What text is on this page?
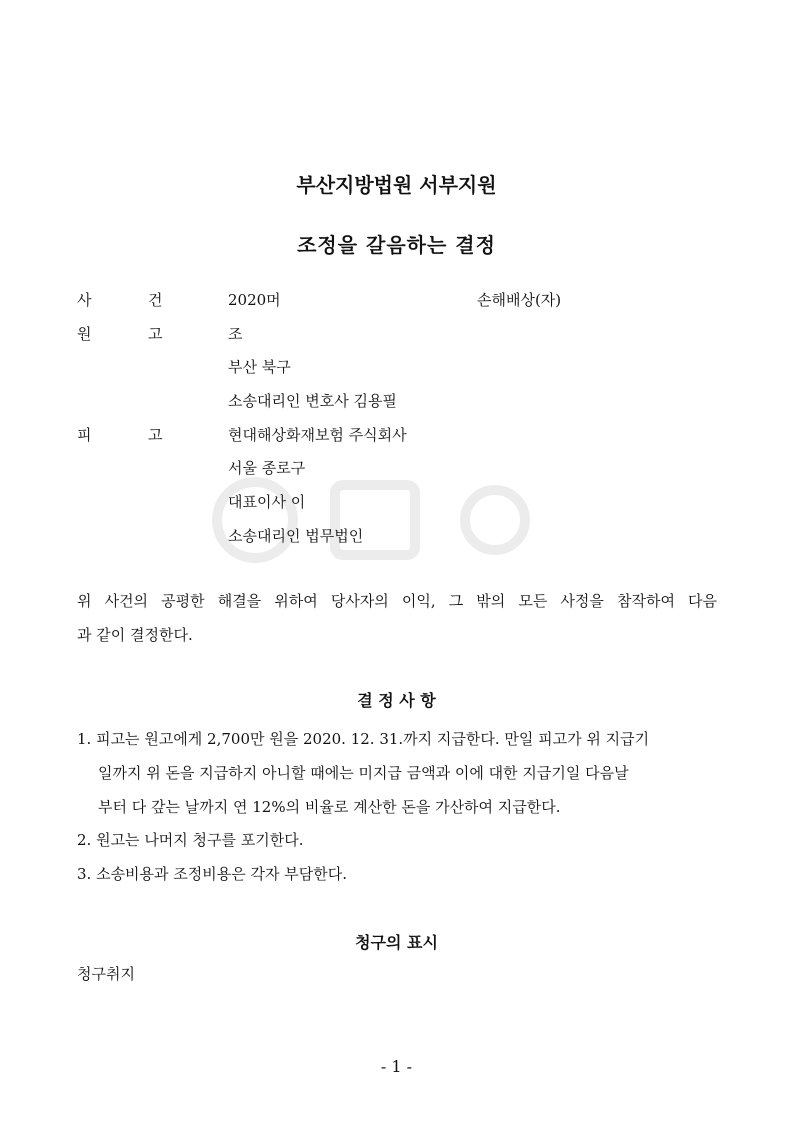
부산지방법원 서부지원
조정을 갈음하는 결정
사	건	2020머	손해배상(자)
원	고	조
부산 북구
소송대리인 변호사 김용필
피	고	현대해상화재보험 주식회사
서울 종로구
대표이사 이
소송대리인 법무법인
위 사건의 공평한 해결을 위하여 당사자의 이익, 그 밖의 모든 사정을 참작하여 다음
과 같이 결정한다.
결 정 사 항
1. 피고는 원고에게 2,700만 원을 2020. 12. 31.까지 지급한다. 만일 피고가 위 지급기
일까지 위 돈을 지급하지 아니할 때에는 미지급 금액과 이에 대한 지급기일 다음날
부터 다 갚는 날까지 연 12%의 비율로 계산한 돈을 가산하여 지급한다.
2. 원고는 나머지 청구를 포기한다.
3. 소송비용과 조정비용은 각자 부담한다.
청구의 표시
청구취지
- 1 -
